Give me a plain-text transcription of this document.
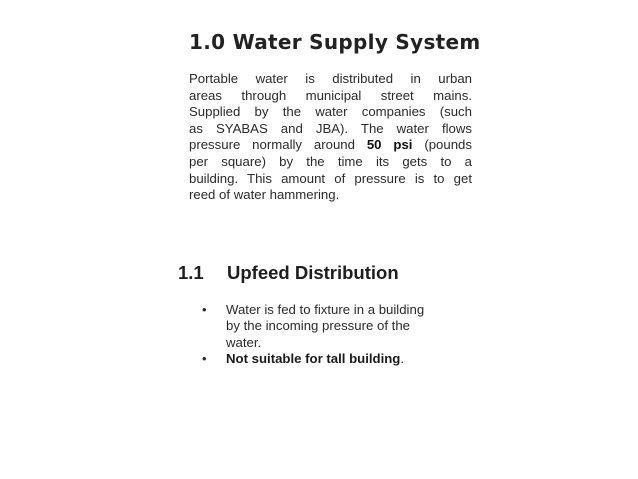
1.0 Water Supply System

Portable water is distributed in urban
areas through municipal street mains.
Supplied by the water companies (such
as SYABAS and JBA). The water flows
pressure normally around 50 psi (pounds
per square) by the time its gets to a
building. This amount of pressure is to get
reed of water hammering.

1.1 Upfeed Distribution
• Water is fed to fixture in a building
by the incoming pressure of the
water.
• Not suitable for tall building.
